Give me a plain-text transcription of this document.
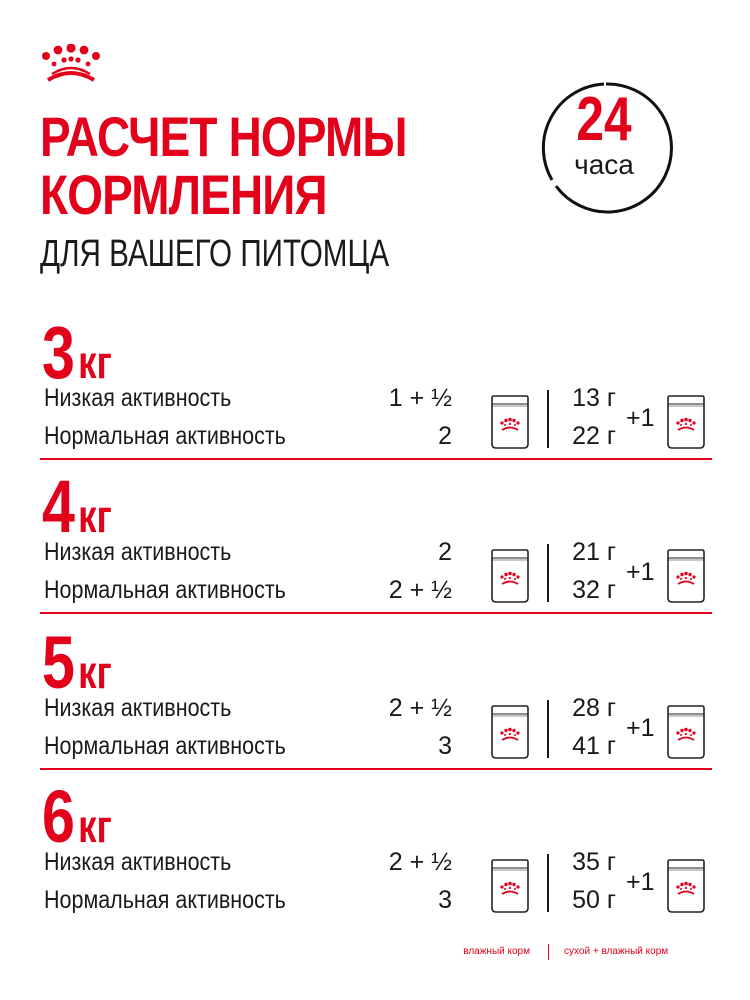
РАСЧЕТ НОРМЫ
КОРМЛЕНИЯ
ДЛЯ ВАШЕГО ПИТОМЦА
24
часа
3кг
Низкая активность	1 + ½	13 г
Нормальная активность	2	22 г
+1
4кг
Низкая активность	2	21 г
Нормальная активность	2 + ½	32 г
+1
5кг
Низкая активность	2 + ½	28 г
Нормальная активность	3	41 г
+1
6кг
Низкая активность	2 + ½	35 г
Нормальная активность	3	50 г
+1
влажный корм	сухой + влажный корм
